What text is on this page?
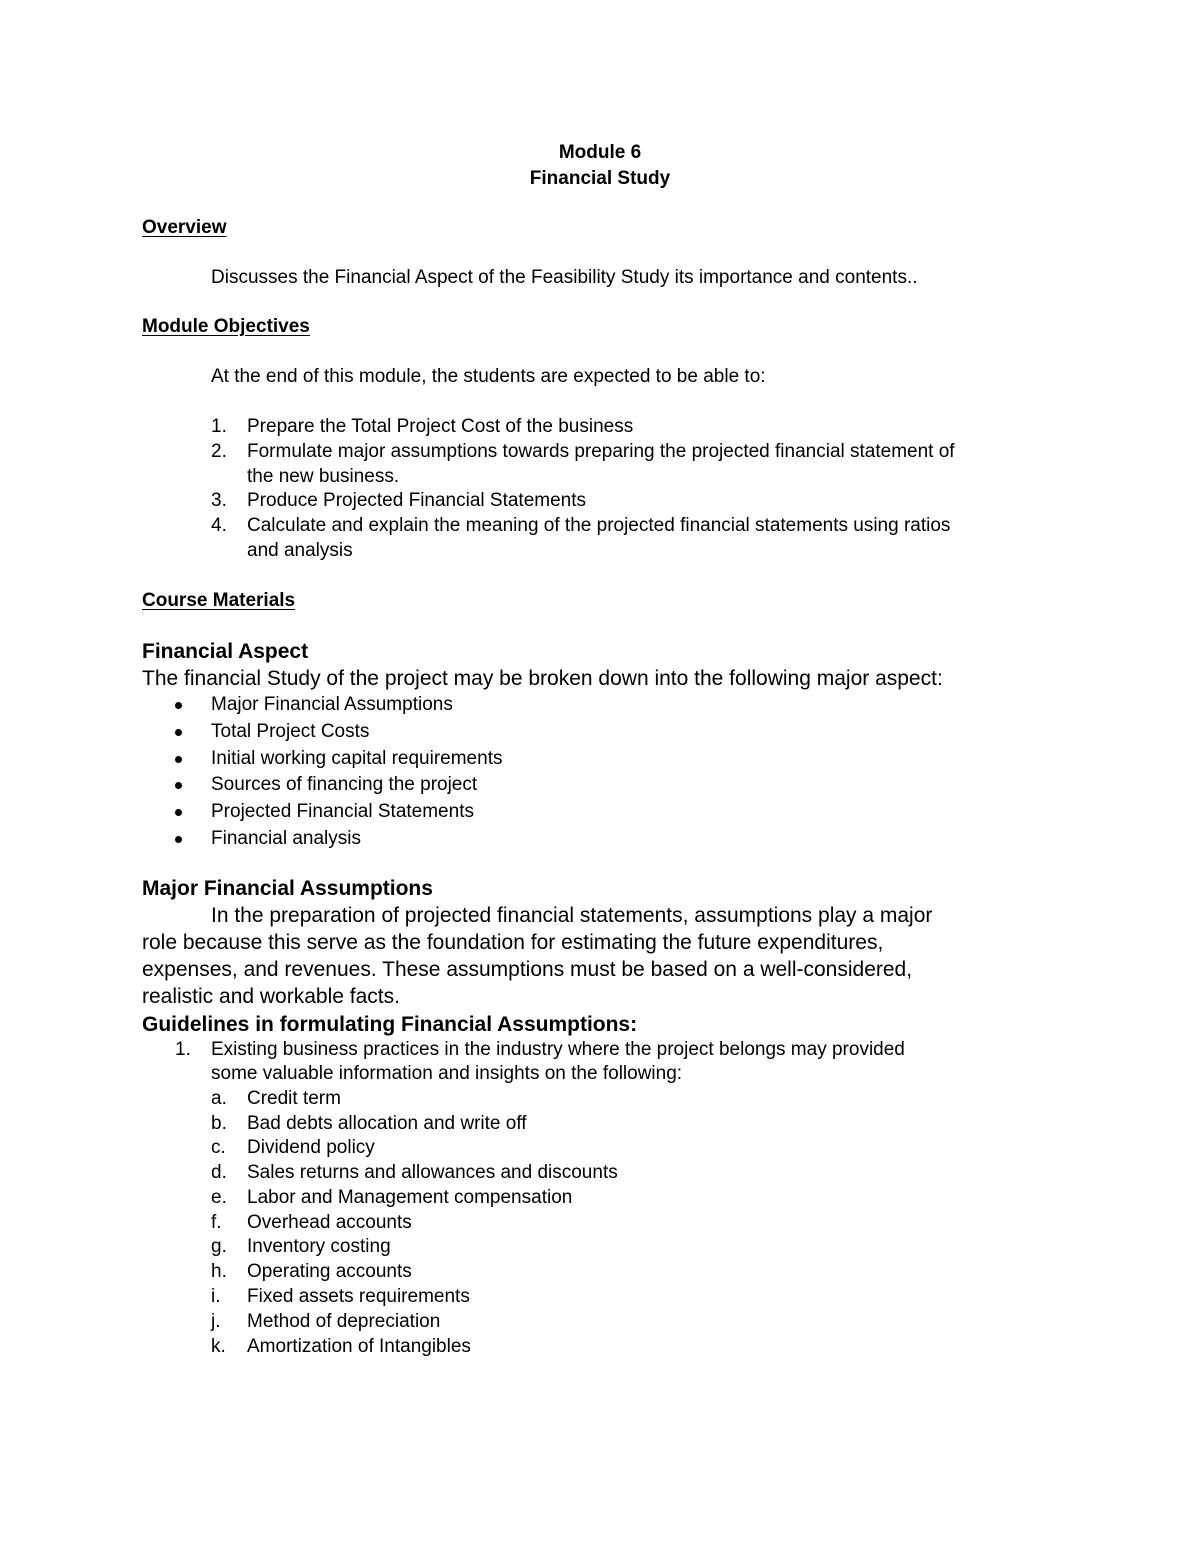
Module 6

Financial Study

Overview

Discusses the Financial Aspect of the Feasibility Study its importance and contents..

Module Objectives

At the end of this module, the students are expected to be able to:

1. Prepare the Total Project Cost of the business
2. Formulate major assumptions towards preparing the projected financial statement of
the new business.
3. Produce Projected Financial Statements
4. Calculate and explain the meaning of the projected financial statements using ratios
and analysis

Course Materials

Financial Aspect

The financial Study of the project may be broken down into the following major aspect:

Major Financial Assumptions
Total Project Costs
Initial working capital requirements
Sources of financing the project
Projected Financial Statements
Financial analysis

Major Financial Assumptions

In the preparation of projected financial statements, assumptions play a major

role because this serve as the foundation for estimating the future expenditures,

expenses, and revenues. These assumptions must be based on a well-considered,

realistic and workable facts.

Guidelines in formulating Financial Assumptions:

1. Existing business practices in the industry where the project belongs may provided
some valuable information and insights on the following:
a. Credit term
b. Bad debts allocation and write off
c. Dividend policy
d. Sales returns and allowances and discounts
e. Labor and Management compensation
f. Overhead accounts
g. Inventory costing
h. Operating accounts
i. Fixed assets requirements
j. Method of depreciation
k. Amortization of Intangibles
